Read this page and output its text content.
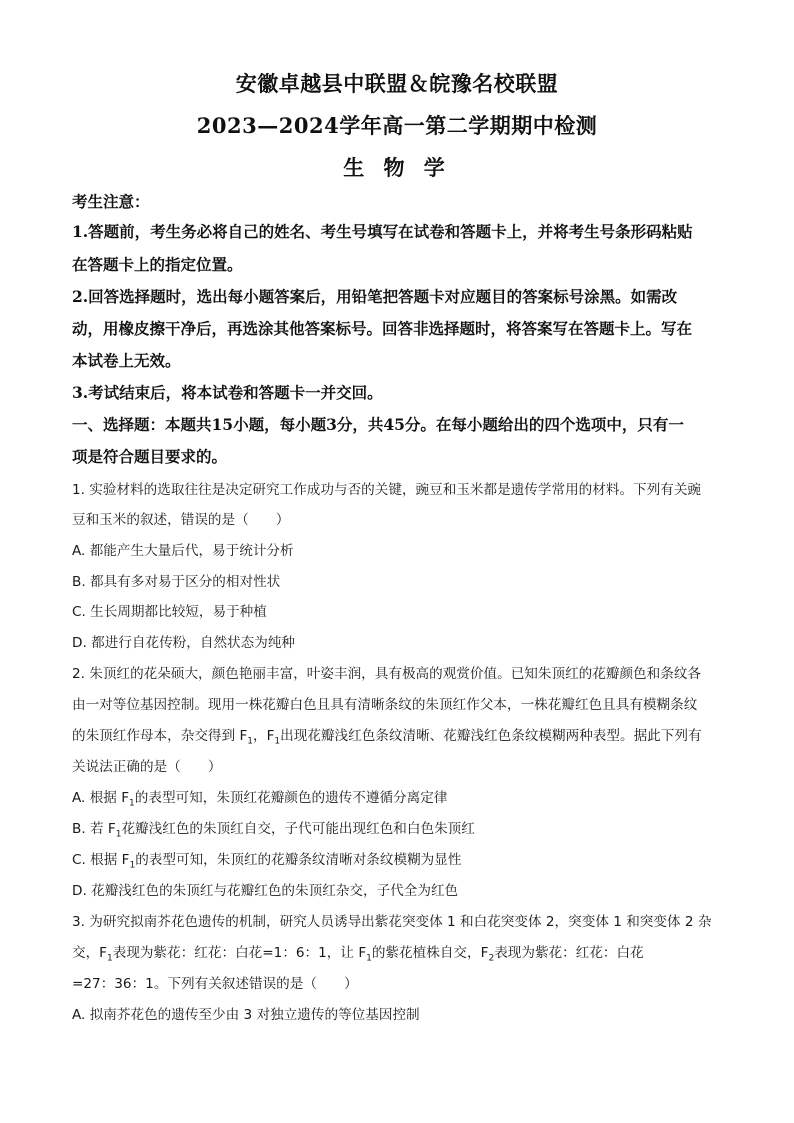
安徽卓越县中联盟＆皖豫名校联盟
2023—2024学年高一第二学期期中检测
生 物 学
考生注意：
1.答题前，考生务必将自己的姓名、考生号填写在试卷和答题卡上，并将考生号条形码粘贴
在答题卡上的指定位置。
2.回答选择题时，选出每小题答案后，用铅笔把答题卡对应题目的答案标号涂黑。如需改
动，用橡皮擦干净后，再选涂其他答案标号。回答非选择题时，将答案写在答题卡上。写在
本试卷上无效。
3.考试结束后，将本试卷和答题卡一并交回。
一、选择题：本题共15小题，每小题3分，共45分。在每小题给出的四个选项中，只有一
项是符合题目要求的。
1. 实验材料的选取往往是决定研究工作成功与否的关键，豌豆和玉米都是遗传学常用的材料。下列有关豌
豆和玉米的叙述，错误的是（　　）
A. 都能产生大量后代，易于统计分析
B. 都具有多对易于区分的相对性状
C. 生长周期都比较短，易于种植
D. 都进行自花传粉，自然状态为纯种
2. 朱顶红的花朵硕大，颜色艳丽丰富，叶姿丰润，具有极高的观赏价值。已知朱顶红的花瓣颜色和条纹各
由一对等位基因控制。现用一株花瓣白色且具有清晰条纹的朱顶红作父本，一株花瓣红色且具有模糊条纹
的朱顶红作母本，杂交得到 $F_1$，$F_1$出现花瓣浅红色条纹清晰、花瓣浅红色条纹模糊两种表型。据此下列有
关说法正确的是（　　）
A. 根据 $F_1$的表型可知，朱顶红花瓣颜色的遗传不遵循分离定律
B. 若 $F_1$花瓣浅红色的朱顶红自交，子代可能出现红色和白色朱顶红
C. 根据 $F_1$的表型可知，朱顶红的花瓣条纹清晰对条纹模糊为显性
D. 花瓣浅红色的朱顶红与花瓣红色的朱顶红杂交，子代全为红色
3. 为研究拟南芥花色遗传的机制，研究人员诱导出紫花突变体 1 和白花突变体 2，突变体 1 和突变体 2 杂
交，$F_1$表现为紫花：红花：白花=1：6：1，让 $F_1$的紫花植株自交，$F_2$表现为紫花：红花：白花
=27：36：1。下列有关叙述错误的是（　　）
A. 拟南芥花色的遗传至少由 3 对独立遗传的等位基因控制
